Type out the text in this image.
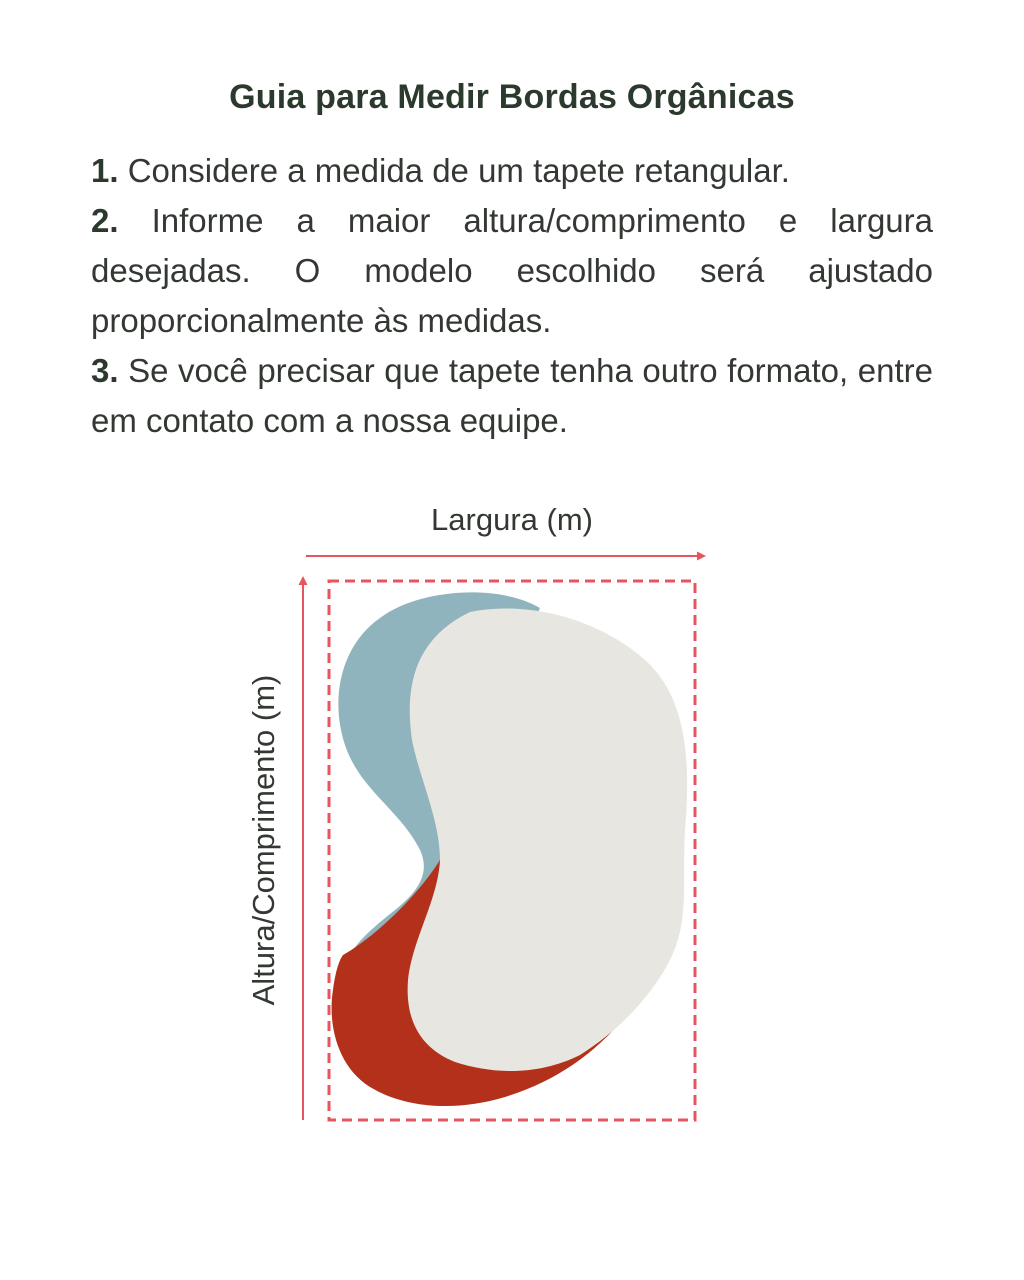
Guia para Medir Bordas Orgânicas
1. Considere a medida de um tapete retangular.
2. Informe a maior altura/comprimento e largura desejadas. O modelo escolhido será ajustado proporcionalmente às medidas.
3. Se você precisar que tapete tenha outro formato, entre em contato com a nossa equipe.
Largura (m)
Altura/Comprimento (m)
